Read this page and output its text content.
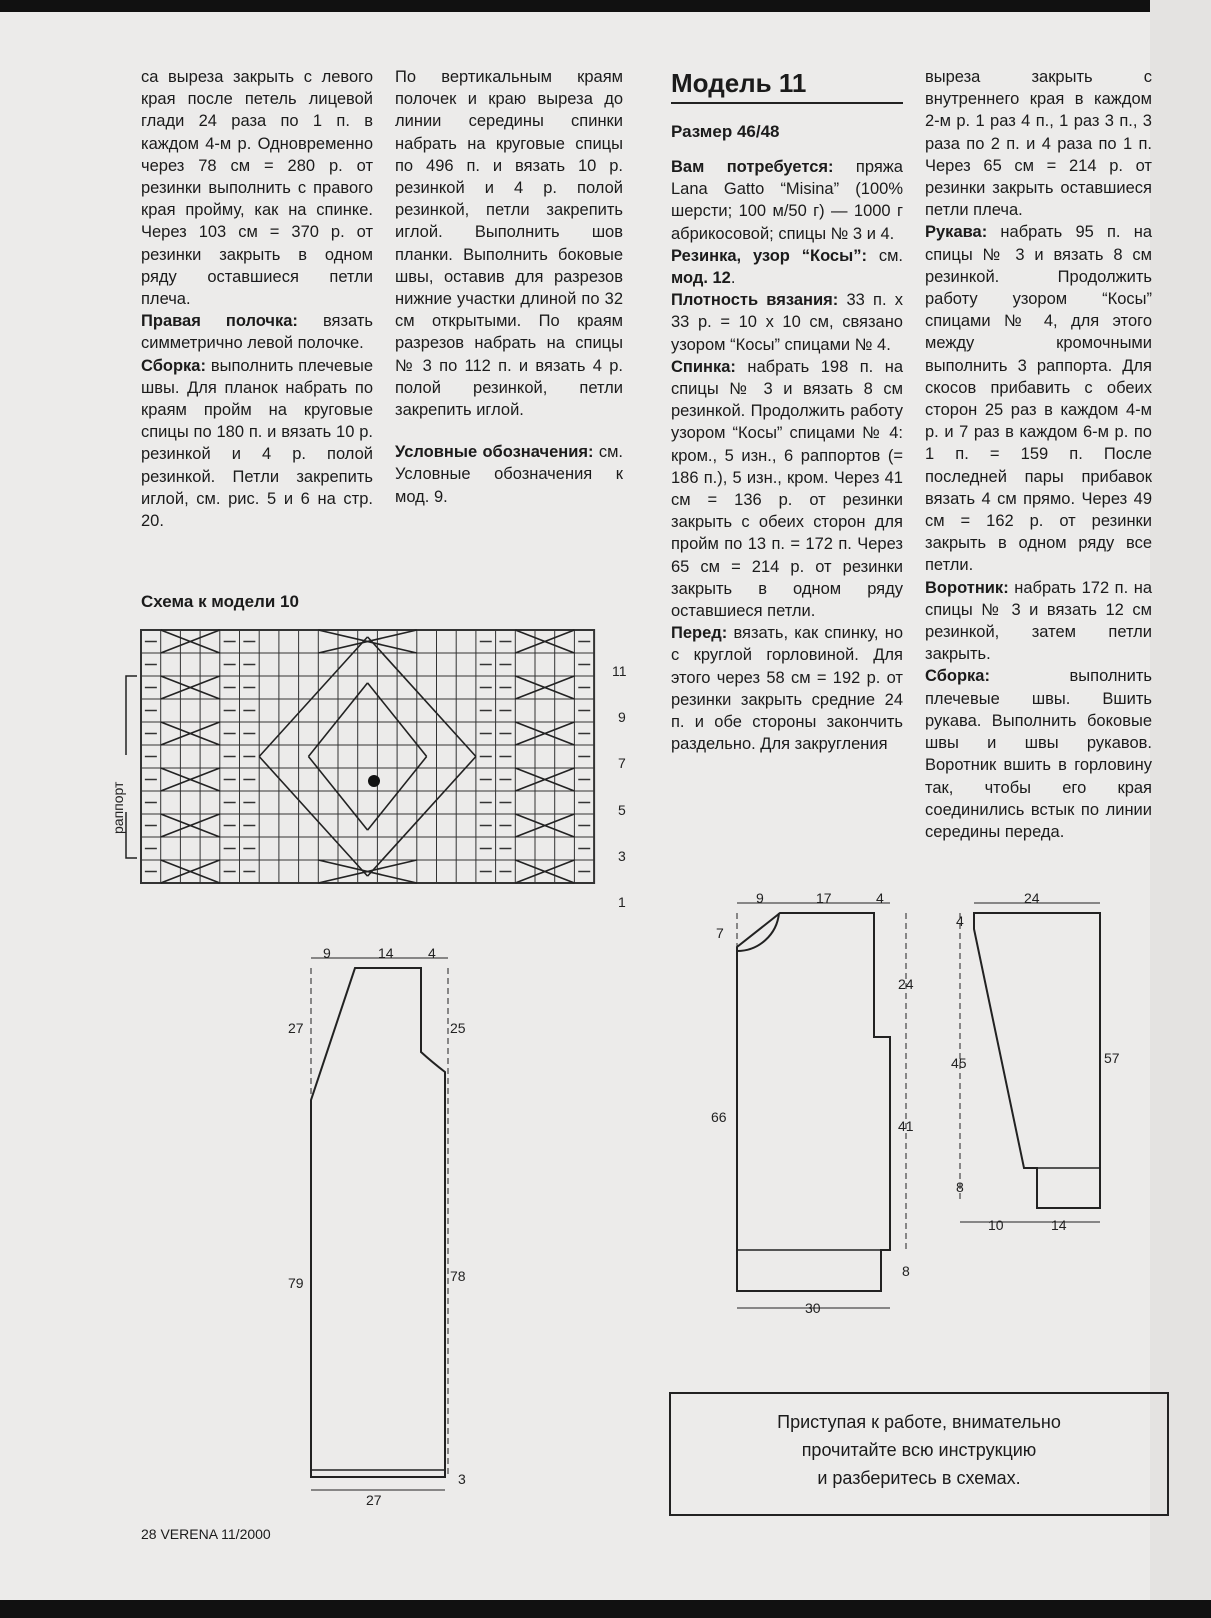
са выреза закрыть с левого края после петель лицевой глади 24 раза по 1 п. в каждом 4-м р. Одновременно через 78 см = 280 р. от резинки выполнить с правого края пройму, как на спинке. Через 103 см = 370 р. от резинки закрыть в одном ряду оставшиеся петли плеча.

Правая полочка: вязать симметрично левой полочке.

Сборка: выполнить плечевые швы. Для планок набрать по краям пройм на круговые спицы по 180 п. и вязать 10 р. резинкой и 4 р. полой резинкой. Петли закрепить иглой, см. рис. 5 и 6 на стр. 20.

По вертикальным краям полочек и краю выреза до линии середины спинки набрать на круговые спицы по 496 п. и вязать 10 р. резинкой и 4 р. полой резинкой, петли закрепить иглой. Выполнить шов планки. Выполнить боковые швы, оставив для разрезов нижние участки длиной по 32 см открытыми. По краям разрезов набрать на спицы № 3 по 112 п. и вязать 4 р. полой резинкой, петли закрепить иглой.

Условные обозначения: см. Условные обозначения к мод. 9.

Модель 11
Размер 46/48

Вам потребуется: пряжа Lana Gatto “Misina” (100% шерсти; 100 м/50 г) — 1000 г абрикосовой; спицы № 3 и 4.

Резинка, узор “Косы”: см. мод. 12.

Плотность вязания: 33 п. х 33 р. = 10 х 10 см, связано узором “Косы” спицами № 4.

Спинка: набрать 198 п. на спицы № 3 и вязать 8 см резинкой. Продолжить работу узором “Косы” спицами № 4: кром., 5 изн., 6 раппортов (= 186 п.), 5 изн., кром. Через 41 см = 136 р. от резинки закрыть с обеих сторон для пройм по 13 п. = 172 п. Через 65 см = 214 р. от резинки закрыть в одном ряду оставшиеся петли.

Перед: вязать, как спинку, но с круглой горловиной. Для этого через 58 см = 192 р. от резинки закрыть средние 24 п. и обе стороны закончить раздельно. Для закругления

выреза закрыть с внутреннего края в каждом 2-м р. 1 раз 4 п., 1 раз 3 п., 3 раза по 2 п. и 4 раза по 1 п. Через 65 см = 214 р. от резинки закрыть оставшиеся петли плеча.

Рукава: набрать 95 п. на спицы № 3 и вязать 8 см резинкой. Продолжить работу узором “Косы” спицами № 4, для этого между кромочными выполнить 3 раппорта. Для скосов прибавить с обеих сторон 25 раз в каждом 4-м р. и 7 раз в каждом 6-м р. по 1 п. = 159 п. После последней пары прибавок вязать 4 см прямо. Через 49 см = 162 р. от резинки закрыть в одном ряду все петли.

Воротник: набрать 172 п. на спицы № 3 и вязать 12 см резинкой, затем петли закрыть.

Сборка: выполнить плечевые швы. Вшить рукава. Выполнить боковые швы и швы рукавов. Воротник вшить в горловину так, чтобы его края соединились встык по линии середины переда.

Схема к модели 10
раппорт
11
9
7
5
3
1
9	14 4
27
79
25
78
3
27
9	17	4
7
66
24
41
8
30
24
4
45
8
57
10	14
Приступая к работе, внимательно
прочитайте всю инструкцию
и разберитесь в схемах.
28 VERENA 11/2000
